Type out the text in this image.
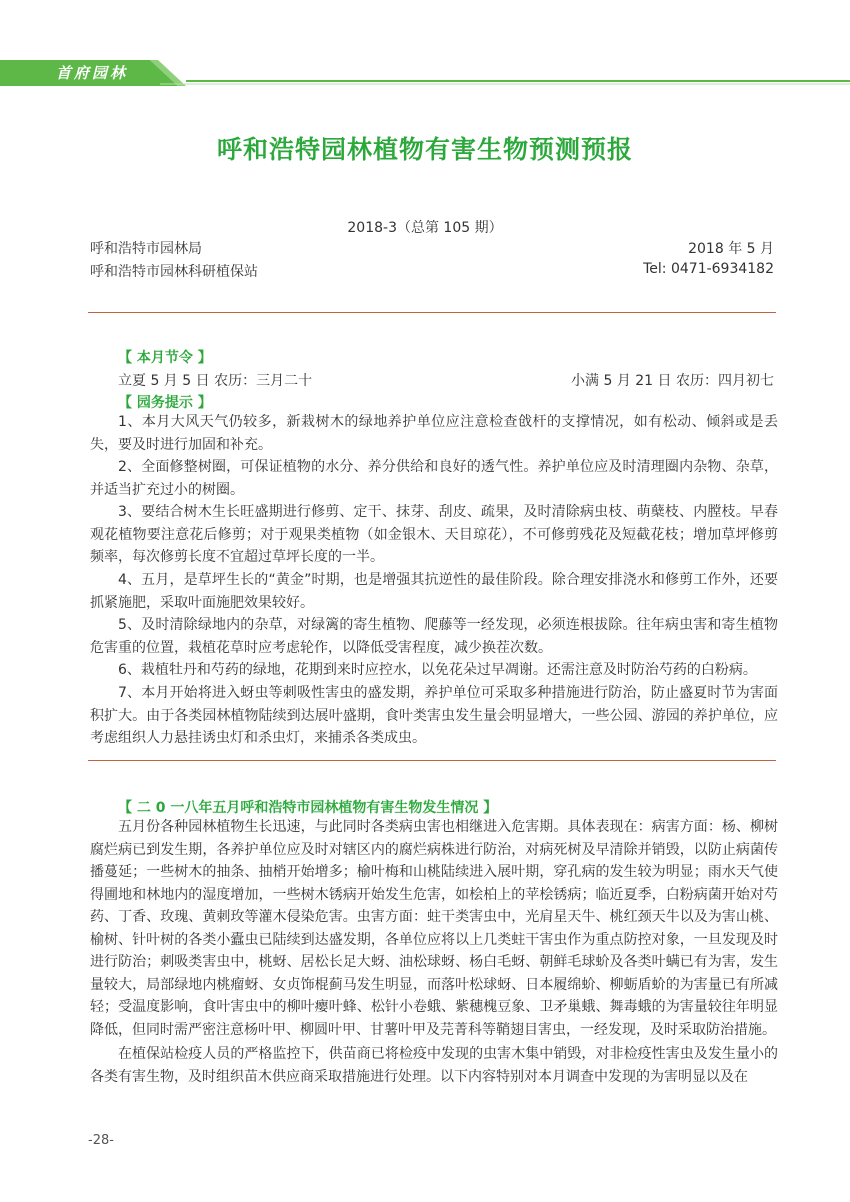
首府园林
呼和浩特园林植物有害生物预测预报
2018-3（总第 105 期）
呼和浩特市园林局	2018 年 5 月
呼和浩特市园林科研植保站	Tel: 0471-6934182
【 本月节令 】
立夏 5 月 5 日 农历：三月二十	小满 5 月 21 日 农历：四月初七
【 园务提示 】
1、本月大风天气仍较多，新栽树木的绿地养护单位应注意检查戗杆的支撑情况，如有松动、倾斜或是丢失，要及时进行加固和补充。
2、全面修整树圈，可保证植物的水分、养分供给和良好的透气性。养护单位应及时清理圈内杂物、杂草，并适当扩充过小的树圈。
3、要结合树木生长旺盛期进行修剪、定干、抹芽、刮皮、疏果，及时清除病虫枝、萌蘖枝、内膛枝。早春观花植物要注意花后修剪；对于观果类植物（如金银木、天目琼花），不可修剪残花及短截花枝；增加草坪修剪频率，每次修剪长度不宜超过草坪长度的一半。
4、五月，是草坪生长的“黄金”时期，也是增强其抗逆性的最佳阶段。除合理安排浇水和修剪工作外，还要抓紧施肥，采取叶面施肥效果较好。
5、及时清除绿地内的杂草，对绿篱的寄生植物、爬藤等一经发现，必须连根拔除。往年病虫害和寄生植物危害重的位置，栽植花草时应考虑轮作，以降低受害程度，减少换茬次数。
6、栽植牡丹和芍药的绿地，花期到来时应控水，以免花朵过早凋谢。还需注意及时防治芍药的白粉病。
7、本月开始将进入蚜虫等刺吸性害虫的盛发期，养护单位可采取多种措施进行防治，防止盛夏时节为害面积扩大。由于各类园林植物陆续到达展叶盛期，食叶类害虫发生量会明显增大，一些公园、游园的养护单位，应考虑组织人力悬挂诱虫灯和杀虫灯，来捕杀各类成虫。
【 二 0 一八年五月呼和浩特市园林植物有害生物发生情况 】
五月份各种园林植物生长迅速，与此同时各类病虫害也相继进入危害期。具体表现在：病害方面：杨、柳树腐烂病已到发生期，各养护单位应及时对辖区内的腐烂病株进行防治，对病死树及早清除并销毁，以防止病菌传播蔓延；一些树木的抽条、抽梢开始增多；榆叶梅和山桃陆续进入展叶期，穿孔病的发生较为明显；雨水天气使得圃地和林地内的湿度增加，一些树木锈病开始发生危害，如桧柏上的苹桧锈病；临近夏季，白粉病菌开始对芍药、丁香、玫瑰、黄刺玫等灌木侵染危害。虫害方面：蛀干类害虫中，光肩星天牛、桃红颈天牛以及为害山桃、榆树、针叶树的各类小蠹虫已陆续到达盛发期，各单位应将以上几类蛀干害虫作为重点防控对象，一旦发现及时进行防治；刺吸类害虫中，桃蚜、居松长足大蚜、油松球蚜、杨白毛蚜、朝鲜毛球蚧及各类叶螨已有为害，发生量较大，局部绿地内桃瘤蚜、女贞饰棍蓟马发生明显，而落叶松球蚜、日本履绵蚧、柳蛎盾蚧的为害量已有所减轻；受温度影响，食叶害虫中的柳叶瘿叶蜂、松针小卷蛾、紫穗槐豆象、卫矛巢蛾、舞毒蛾的为害量较往年明显降低，但同时需严密注意杨叶甲、柳圆叶甲、甘薯叶甲及芫菁科等鞘翅目害虫，一经发现，及时采取防治措施。
在植保站检疫人员的严格监控下，供苗商已将检疫中发现的虫害木集中销毁，对非检疫性害虫及发生量小的各类有害生物，及时组织苗木供应商采取措施进行处理。以下内容特别对本月调查中发现的为害明显以及在
-28-
